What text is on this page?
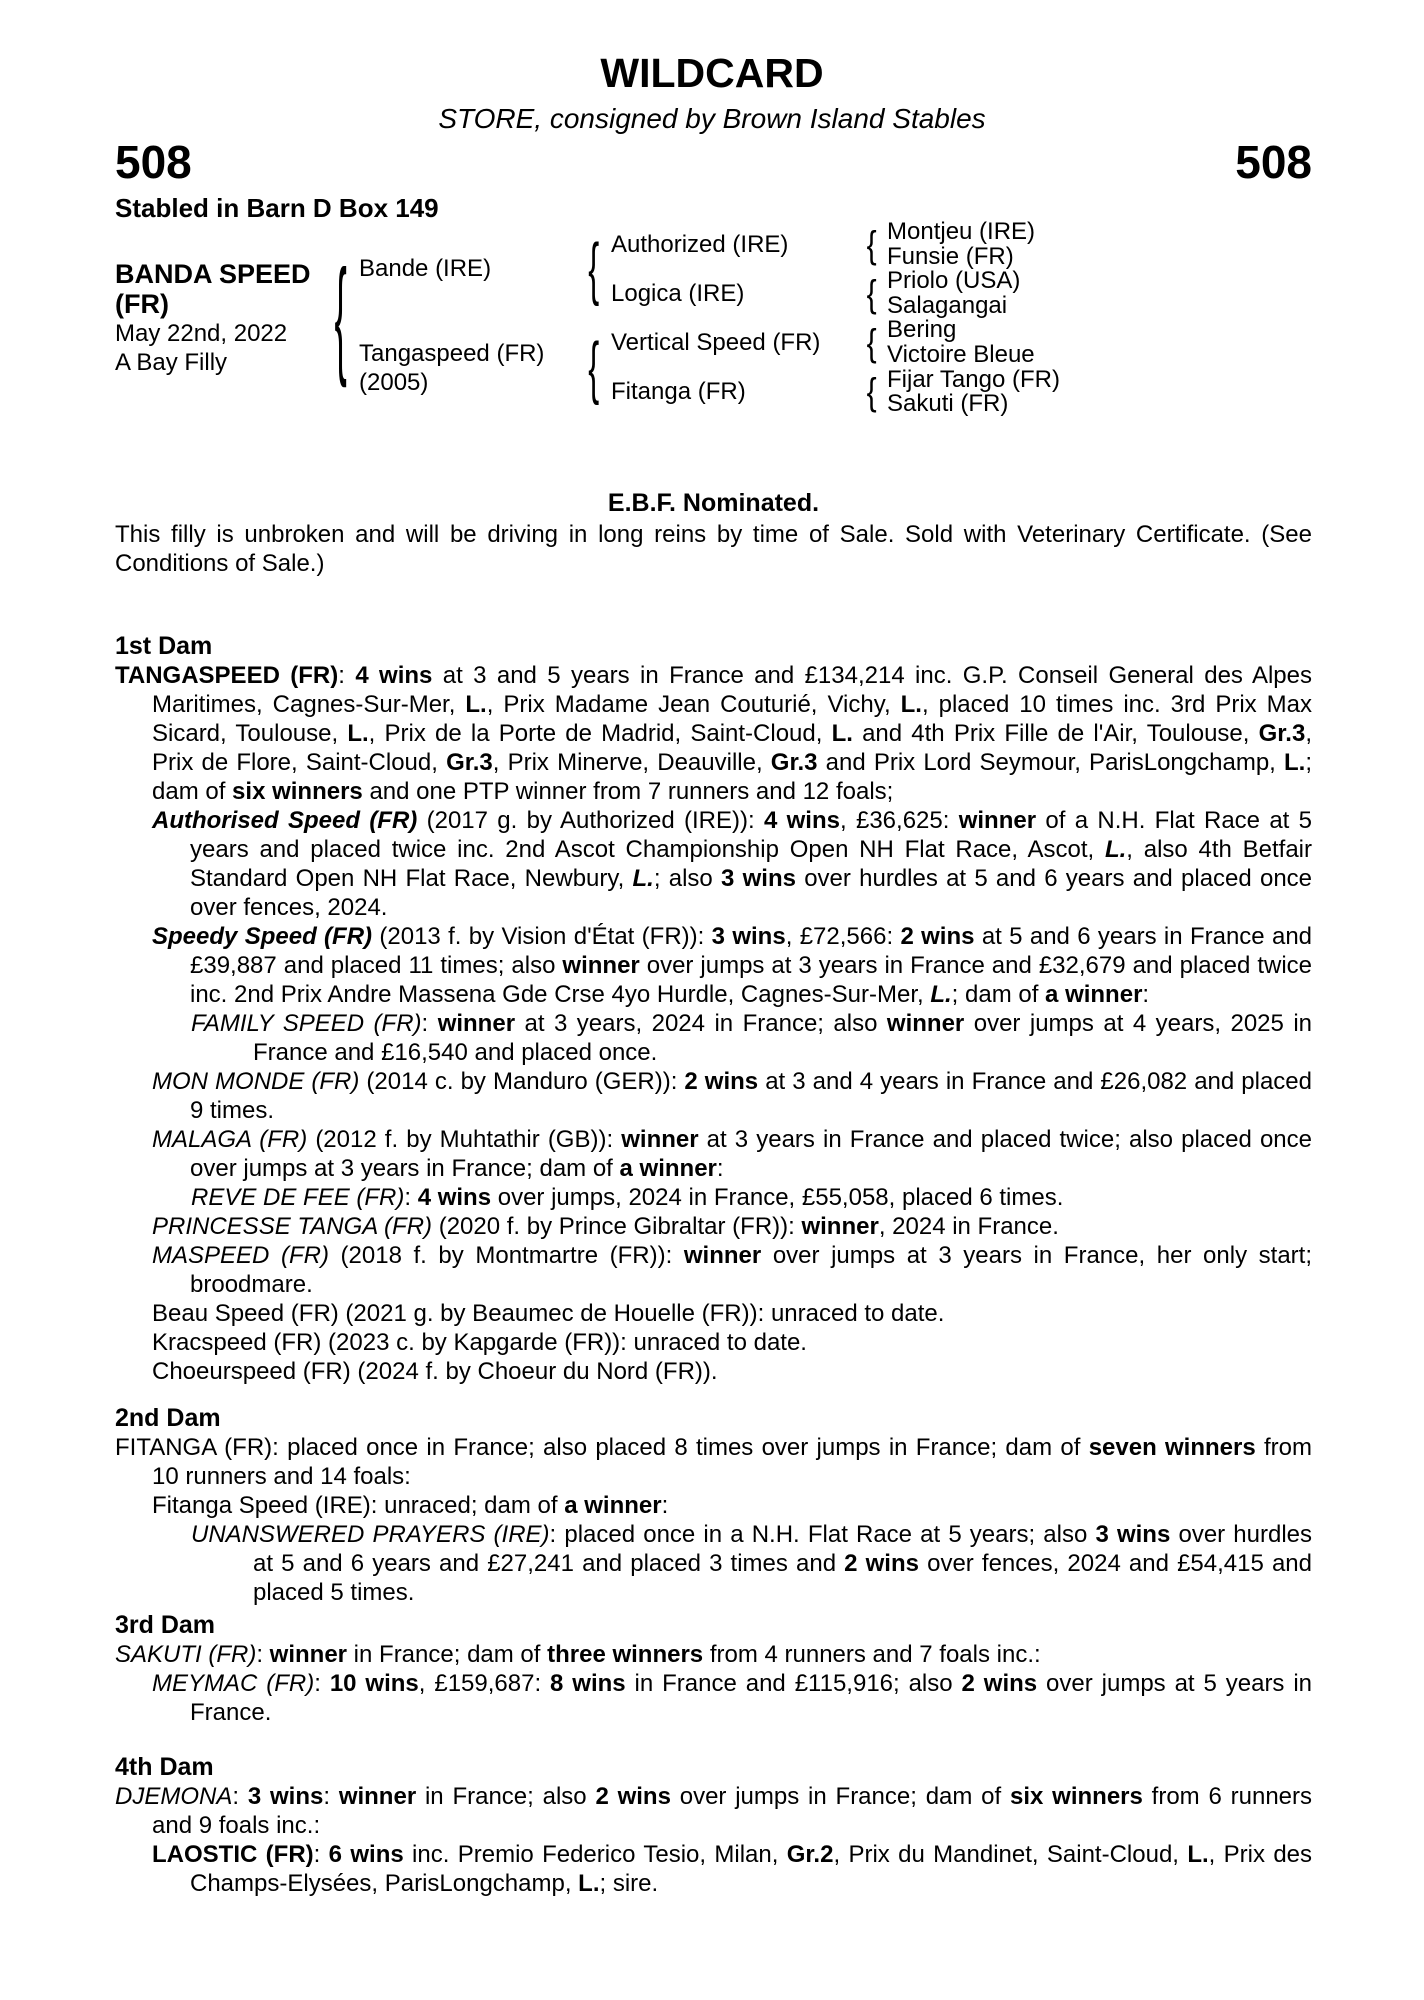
WILDCARD
STORE, consigned by Brown Island Stables
508	508
Stabled in Barn D Box 149
BANDA SPEED (FR)
May 22nd, 2022
A Bay Filly	{ Bande (IRE)
Tangaspeed (FR)
(2005)
{
{
Authorized (IRE)
Logica (IRE)
Vertical Speed (FR)
Fitanga (FR)
{
{
{
{
Montjeu (IRE)
Funsie (FR)
Priolo (USA)
Salagangai
Bering
Victoire Bleue
Fijar Tango (FR)
Sakuti (FR)
E.B.F. Nominated.

This filly is unbroken and will be driving in long reins by time of Sale. Sold with Veterinary Certificate. (See Conditions of Sale.)

1st Dam

TANGASPEED (FR): 4 wins at 3 and 5 years in France and £134,214 inc. G.P. Conseil General des Alpes Maritimes, Cagnes-Sur-Mer, L., Prix Madame Jean Couturié, Vichy, L., placed 10 times inc. 3rd Prix Max Sicard, Toulouse, L., Prix de la Porte de Madrid, Saint-Cloud, L. and 4th Prix Fille de l'Air, Toulouse, Gr.3, Prix de Flore, Saint-Cloud, Gr.3, Prix Minerve, Deauville, Gr.3 and Prix Lord Seymour, ParisLongchamp, L.; dam of six winners and one PTP winner from 7 runners and 12 foals;

Authorised Speed (FR) (2017 g. by Authorized (IRE)): 4 wins, £36,625: winner of a N.H. Flat Race at 5 years and placed twice inc. 2nd Ascot Championship Open NH Flat Race, Ascot, L., also 4th Betfair Standard Open NH Flat Race, Newbury, L.; also 3 wins over hurdles at 5 and 6 years and placed once over fences, 2024.

Speedy Speed (FR) (2013 f. by Vision d'État (FR)): 3 wins, £72,566: 2 wins at 5 and 6 years in France and £39,887 and placed 11 times; also winner over jumps at 3 years in France and £32,679 and placed twice inc. 2nd Prix Andre Massena Gde Crse 4yo Hurdle, Cagnes-Sur-Mer, L.; dam of a winner:

FAMILY SPEED (FR): winner at 3 years, 2024 in France; also winner over jumps at 4 years, 2025 in France and £16,540 and placed once.

MON MONDE (FR) (2014 c. by Manduro (GER)): 2 wins at 3 and 4 years in France and £26,082 and placed 9 times.

MALAGA (FR) (2012 f. by Muhtathir (GB)): winner at 3 years in France and placed twice; also placed once over jumps at 3 years in France; dam of a winner:

REVE DE FEE (FR): 4 wins over jumps, 2024 in France, £55,058, placed 6 times.

PRINCESSE TANGA (FR) (2020 f. by Prince Gibraltar (FR)): winner, 2024 in France.

MASPEED (FR) (2018 f. by Montmartre (FR)): winner over jumps at 3 years in France, her only start; broodmare.

Beau Speed (FR) (2021 g. by Beaumec de Houelle (FR)): unraced to date.

Kracspeed (FR) (2023 c. by Kapgarde (FR)): unraced to date.

Choeurspeed (FR) (2024 f. by Choeur du Nord (FR)).

2nd Dam

FITANGA (FR): placed once in France; also placed 8 times over jumps in France; dam of seven winners from 10 runners and 14 foals:

Fitanga Speed (IRE): unraced; dam of a winner:

UNANSWERED PRAYERS (IRE): placed once in a N.H. Flat Race at 5 years; also 3 wins over hurdles at 5 and 6 years and £27,241 and placed 3 times and 2 wins over fences, 2024 and £54,415 and placed 5 times.

3rd Dam

SAKUTI (FR): winner in France; dam of three winners from 4 runners and 7 foals inc.:

MEYMAC (FR): 10 wins, £159,687: 8 wins in France and £115,916; also 2 wins over jumps at 5 years in France.

4th Dam

DJEMONA: 3 wins: winner in France; also 2 wins over jumps in France; dam of six winners from 6 runners and 9 foals inc.:

LAOSTIC (FR): 6 wins inc. Premio Federico Tesio, Milan, Gr.2, Prix du Mandinet, Saint-Cloud, L., Prix des Champs-Elysées, ParisLongchamp, L.; sire.
